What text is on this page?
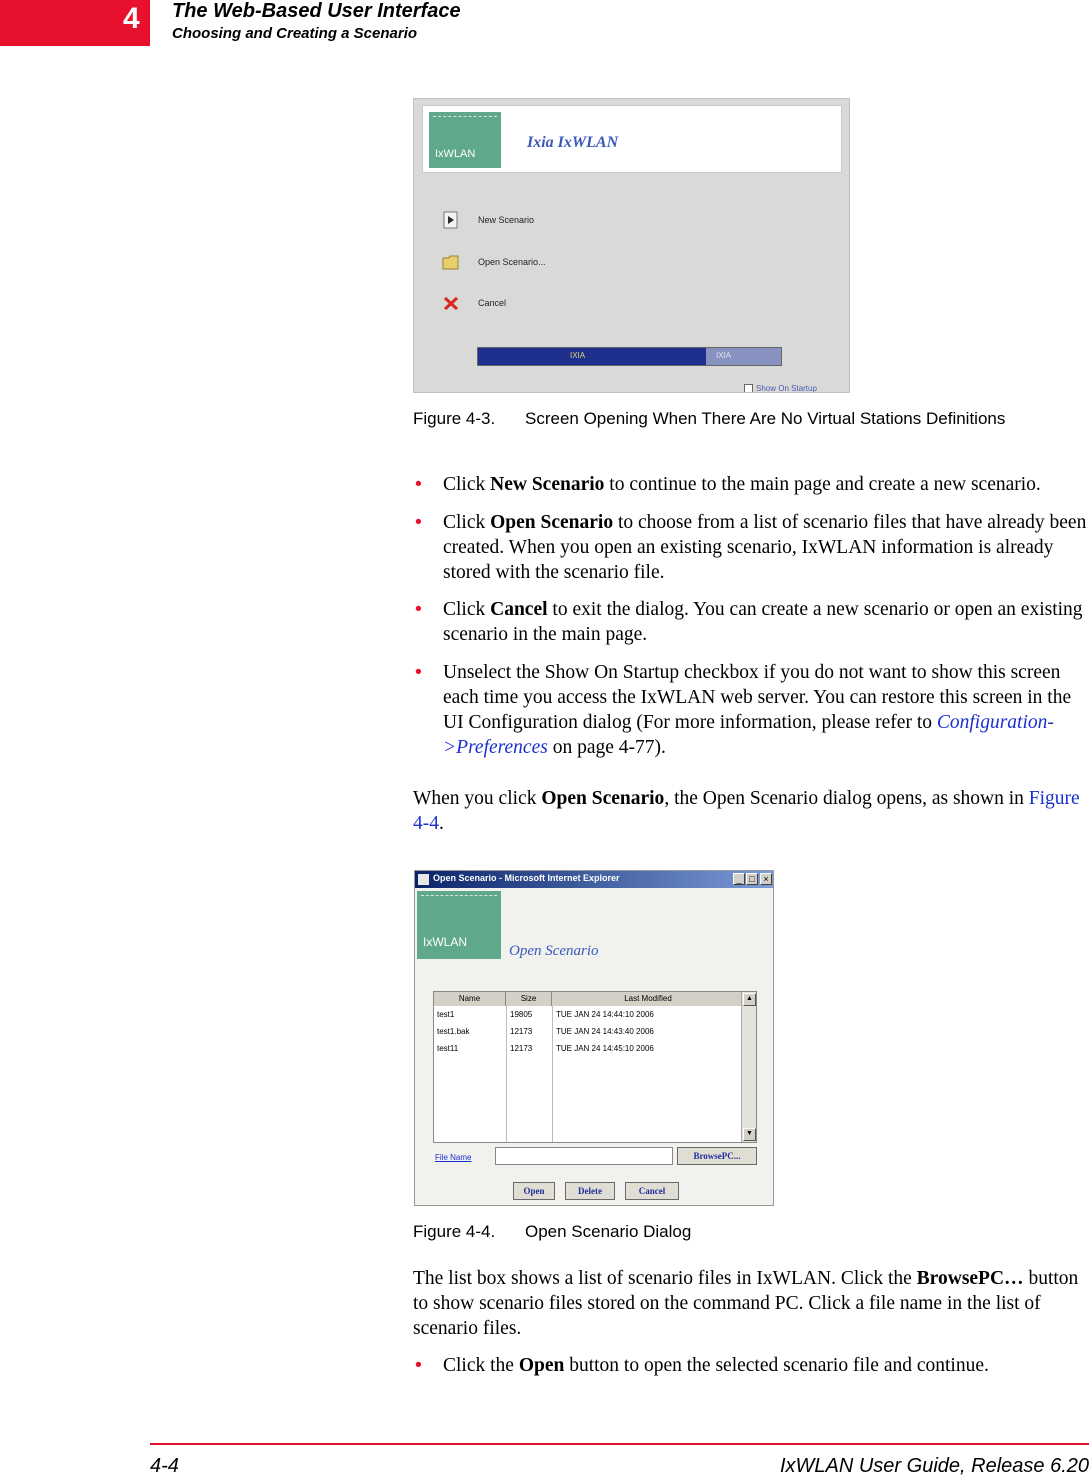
4 The Web-Based User Interface
Choosing and Creating a Scenario
IxWLAN
Ixia IxWLAN
New Scenario
Open Scenario...
Cancel
IXIA	IXIA
Show On Startup
Figure 4-3. Screen Opening When There Are No Virtual Stations Definitions
• Click New Scenario to continue to the main page and create a new scenario.
• Click Open Scenario to choose from a list of scenario files that have already been created. When you open an existing scenario, IxWLAN information is already stored with the scenario file.
• Click Cancel to exit the dialog. You can create a new scenario or open an existing scenario in the main page.
• Unselect the Show On Startup checkbox if you do not want to show this screen each time you access the IxWLAN web server. You can restore this screen in the UI Configuration dialog (For more information, please refer to Configuration->Preferences on page 4-77).
When you click Open Scenario, the Open Scenario dialog opens, as shown in Figure 4-4.
Open Scenario - Microsoft Internet Explorer	_ □ ×
IxWLAN
Open Scenario
Name	Size	Last Modified
test1	19805	TUE JAN 24 14:44:10 2006
test1.bak	12173	TUE JAN 24 14:43:40 2006
test11	12173	TUE JAN 24 14:45:10 2006
▲
▼
File Name	BrowsePC...
Open	Delete	Cancel
Figure 4-4. Open Scenario Dialog
The list box shows a list of scenario files in IxWLAN. Click the BrowsePC… button to show scenario files stored on the command PC. Click a file name in the list of scenario files.
• Click the Open button to open the selected scenario file and continue.
4-4	IxWLAN User Guide, Release 6.20
